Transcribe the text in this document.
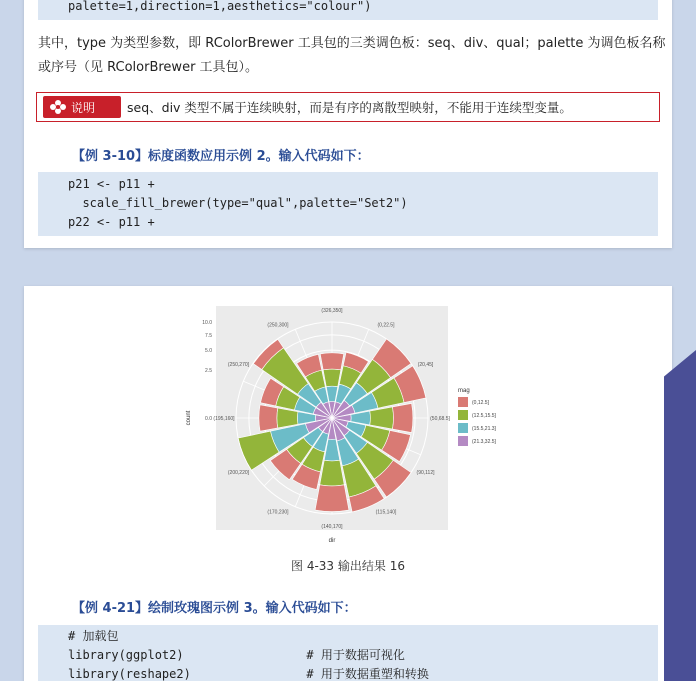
palette=1,direction=1,aesthetics="colour")

其中，type 为类型参数，即 RColorBrewer 工具包的三类调色板：seq、div、qual；palette 为调色板名称或序号（见 RColorBrewer 工具包）。

说明	seq、div 类型不属于连续映射，而是有序的离散型映射，不能用于连续型变量。
【例 3-10】标度函数应用示例 2。输入代码如下：
p21 <- p11 +
scale_fill_brewer(type="qual",palette="Set2")
p22 <- p11 +
(326,350]
(0,22.5]
(20,45]
(50,68.5]
(90,112]
(115,140]
(140,170]
(170,230]
(200,220]
(195,160]
(250,270]
(250,300]
0.0
2.5
5.0
7.5
10.0
count
dir
mag
(0,12.5]
(12.5,15.5]
(15.5,21.3]
(21.3,32.5]
图 4-33 输出结果 16
【例 4-21】绘制玫瑰图示例 3。输入代码如下：
# 加载包
library(ggplot2)                 # 用于数据可视化
library(reshape2)                # 用于数据重塑和转换
